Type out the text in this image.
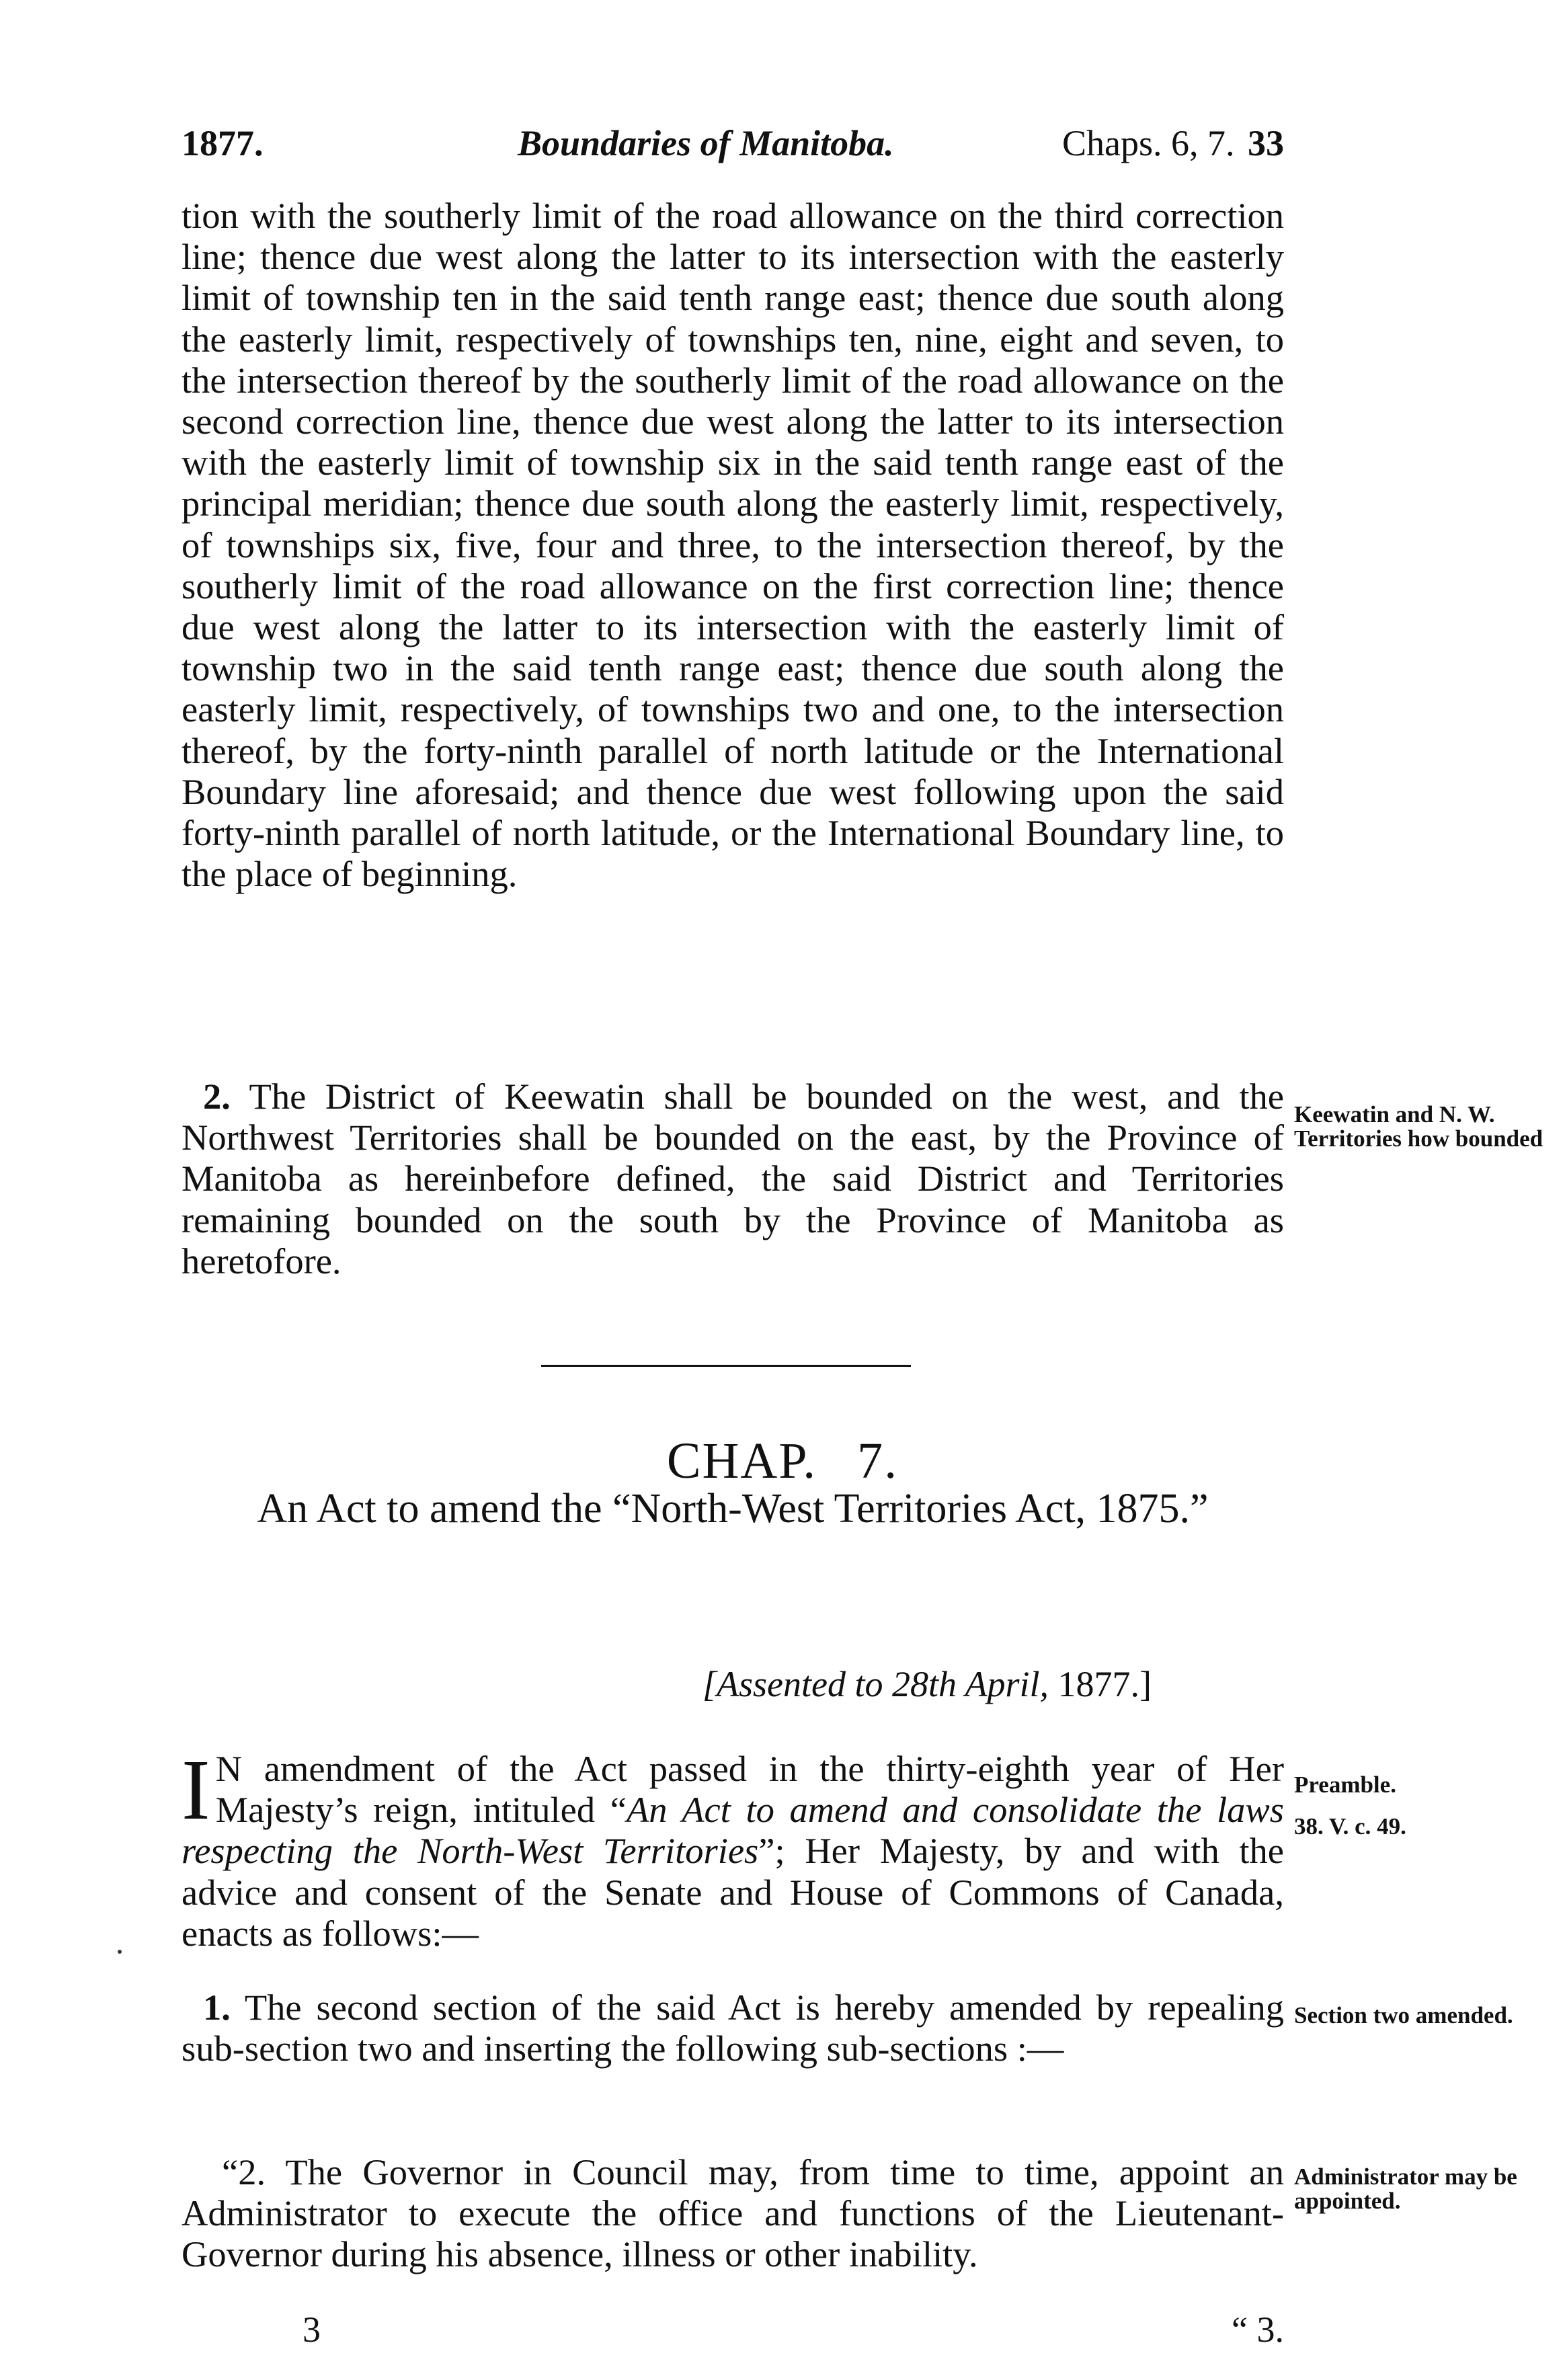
1877.	Boundaries of Manitoba.	Chaps. 6, 7. 33
tion with the southerly limit of the road allowance on the third correction line; thence due west along the latter to its intersection with the easterly limit of township ten in the said tenth range east; thence due south along the easterly limit, respectively of townships ten, nine, eight and seven, to the intersection thereof by the southerly limit of the road allowance on the second correction line, thence due west along the latter to its intersection with the easterly limit of township six in the said tenth range east of the principal meridian; thence due south along the easterly limit, respectively, of townships six, five, four and three, to the intersection thereof, by the southerly limit of the road allowance on the first correction line; thence due west along the latter to its intersection with the easterly limit of township two in the said tenth range east; thence due south along the easterly limit, respectively, of townships two and one, to the intersection thereof, by the forty-ninth parallel of north latitude or the International Boundary line aforesaid; and thence due west following upon the said forty-ninth parallel of north latitude, or the International Boundary line, to the place of beginning.
2. The District of Keewatin shall be bounded on the west, and the Northwest Territories shall be bounded on the east, by the Province of Manitoba as hereinbefore defined, the said District and Territories remaining bounded on the south by the Province of Manitoba as heretofore.
Keewatin and N. W. Territories how bounded
CHAP. 7.
An Act to amend the “North-West Territories Act, 1875.”
[Assented to 28th April, 1877.]
I N amendment of the Act passed in the thirty-eighth year of Her Majesty’s reign, intituled “An Act to amend and consolidate the laws respecting the North-West Territories”; Her Majesty, by and with the advice and consent of the Senate and House of Commons of Canada, enacts as follows:—
Preamble.
38. V. c. 49.
1. The second section of the said Act is hereby amended by repealing sub-section two and inserting the following sub-sections :—
Section two amended.
“2. The Governor in Council may, from time to time, appoint an Administrator to execute the office and functions of the Lieutenant-Governor during his absence, illness or other inability.
Administrator may be appointed.
3	“ 3.
